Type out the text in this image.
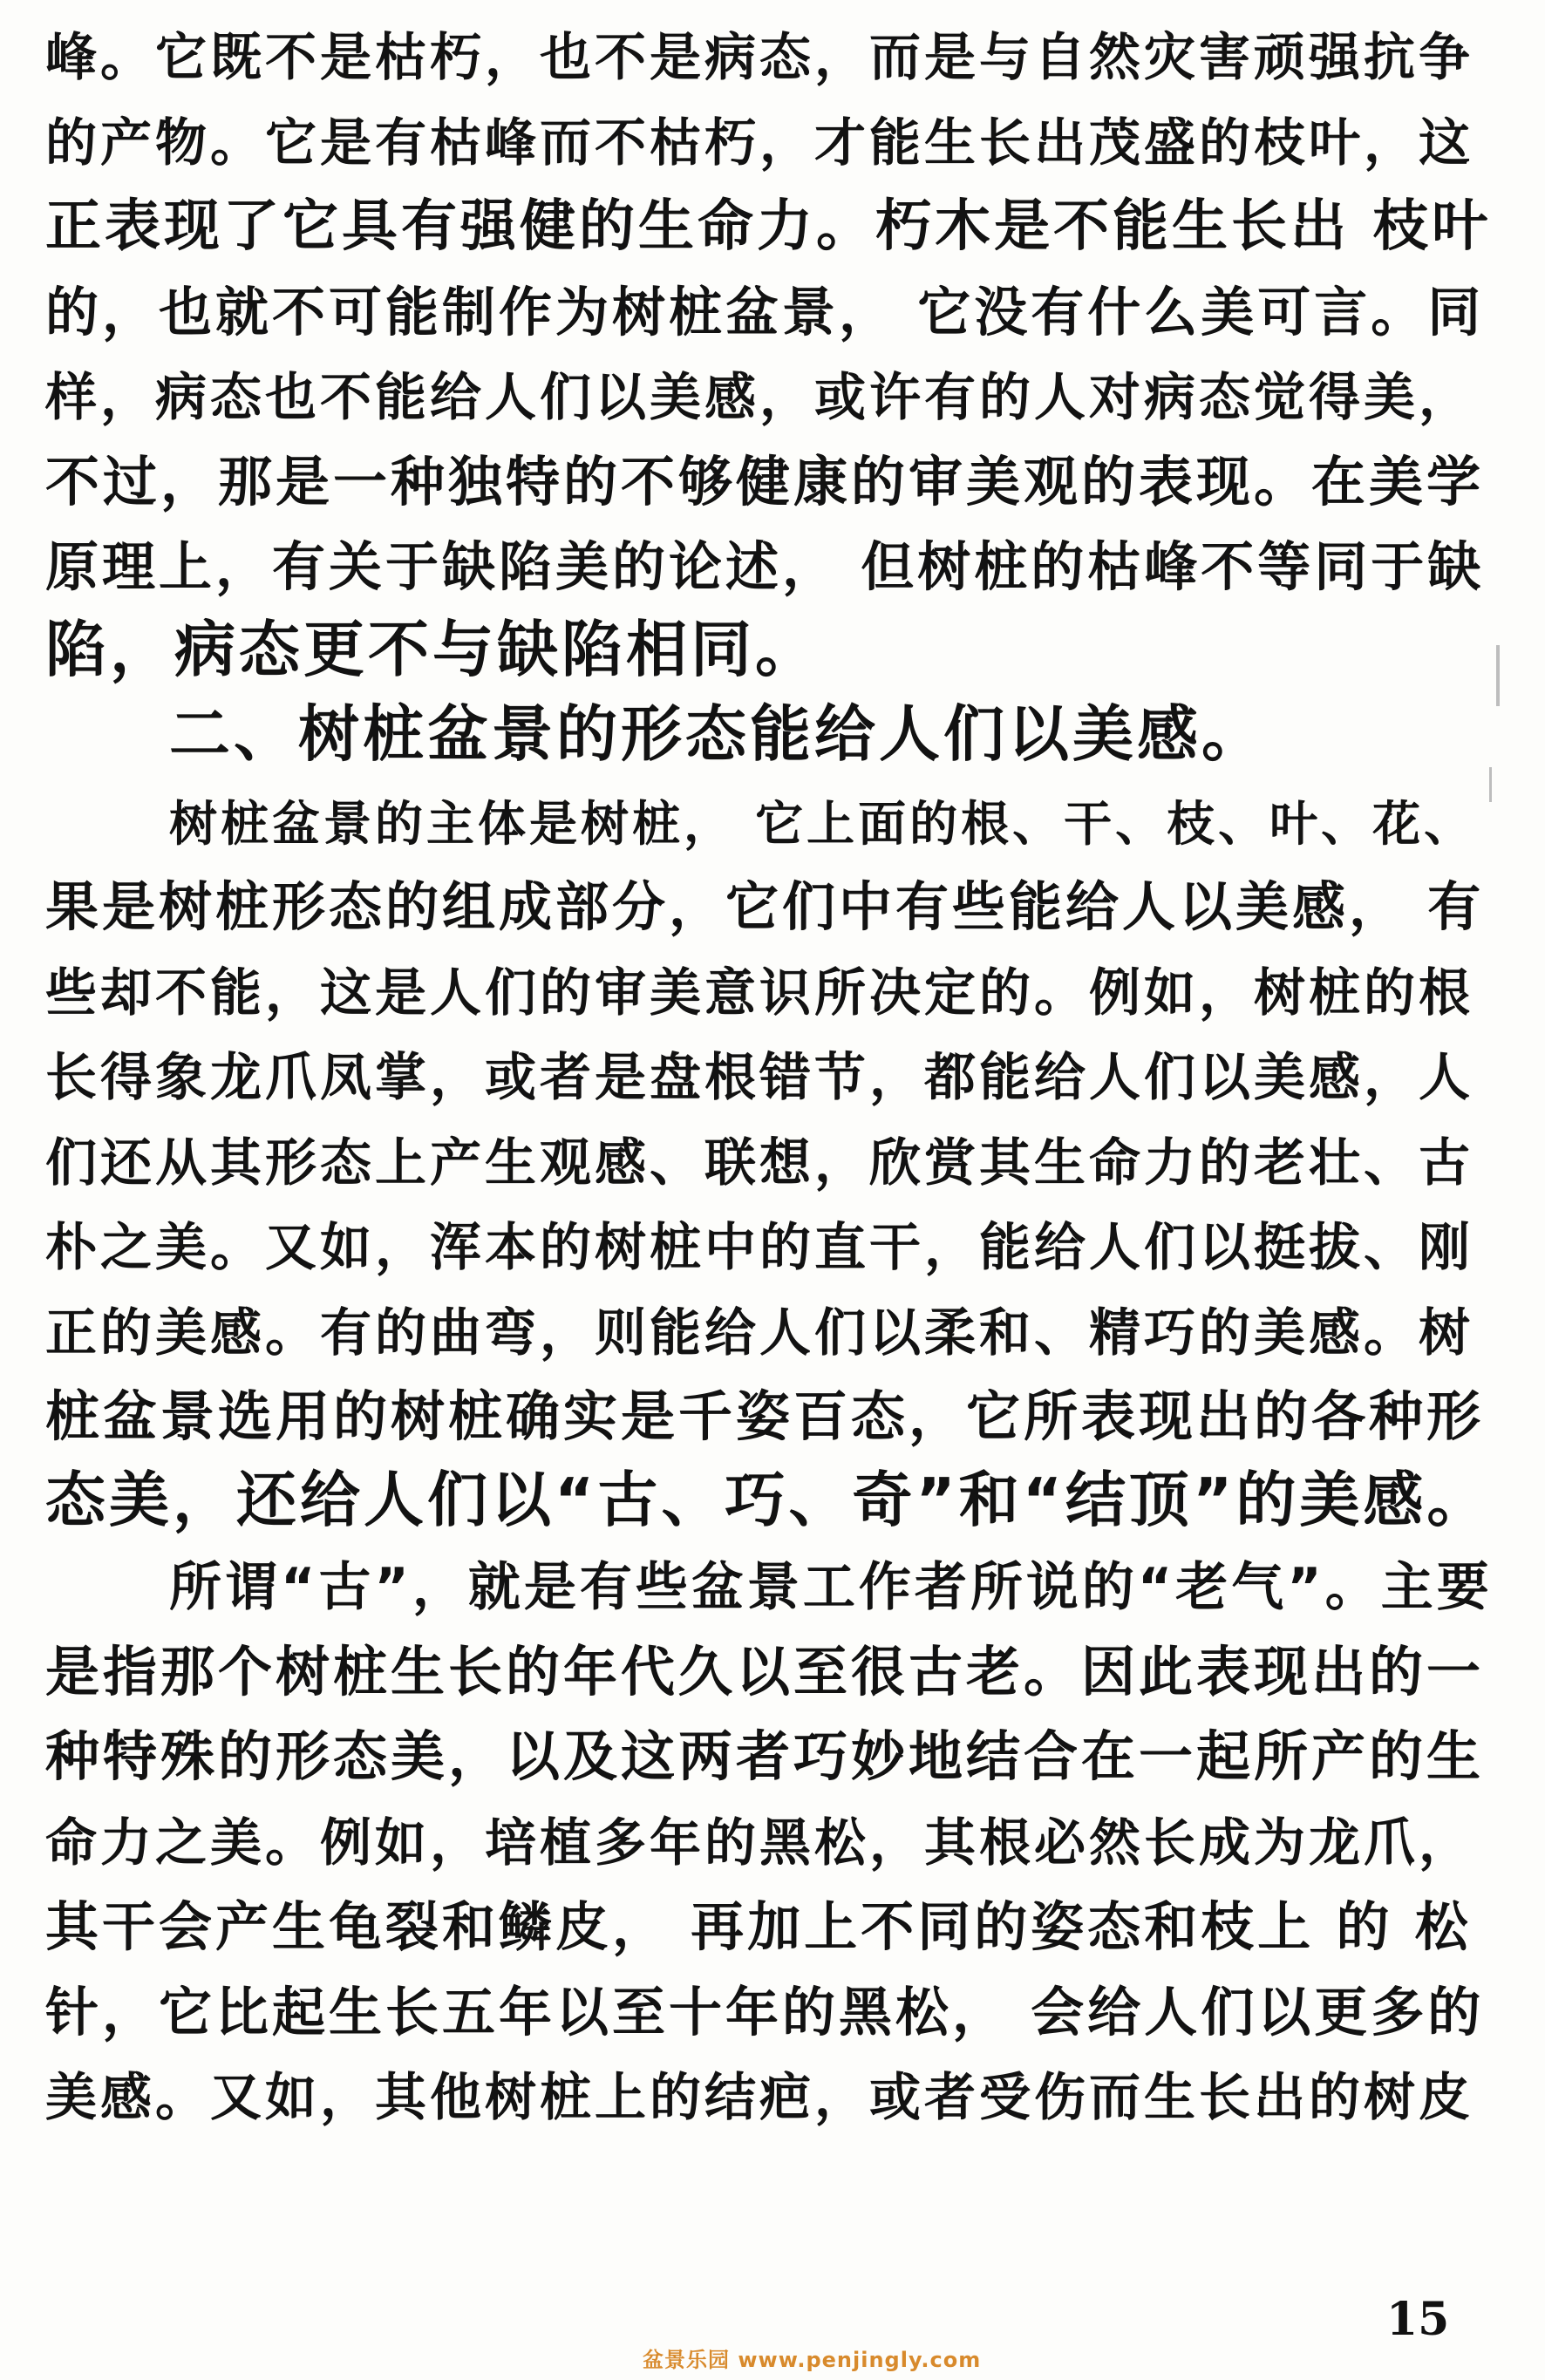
峰。它既不是枯朽，也不是病态，而是与自然灾害顽强抗争
的产物。它是有枯峰而不枯朽，才能生长出茂盛的枝叶，这
正表现了它具有强健的生命力。朽木是不能生长出 枝叶
的，也就不可能制作为树桩盆景， 它没有什么美可言。同
样，病态也不能给人们以美感，或许有的人对病态觉得美，
不过，那是一种独特的不够健康的审美观的表现。在美学
原理上，有关于缺陷美的论述， 但树桩的枯峰不等同于缺
陷，病态更不与缺陷相同。
二、树桩盆景的形态能给人们以美感。
树桩盆景的主体是树桩， 它上面的根、干、枝、叶、花、
果是树桩形态的组成部分，它们中有些能给人以美感， 有
些却不能，这是人们的审美意识所决定的。例如，树桩的根
长得象龙爪凤掌，或者是盘根错节，都能给人们以美感，人
们还从其形态上产生观感、联想，欣赏其生命力的老壮、古
朴之美。又如，浑本的树桩中的直干，能给人们以挺拔、刚
正的美感。有的曲弯，则能给人们以柔和、精巧的美感。树
桩盆景选用的树桩确实是千姿百态，它所表现出的各种形
态美，还给人们以“古、巧、奇”和“结顶”的美感。
所谓“古”，就是有些盆景工作者所说的“老气”。主要
是指那个树桩生长的年代久以至很古老。因此表现出的一
种特殊的形态美，以及这两者巧妙地结合在一起所产的生
命力之美。例如，培植多年的黑松，其根必然长成为龙爪，
其干会产生龟裂和鳞皮， 再加上不同的姿态和枝上 的 松
针，它比起生长五年以至十年的黑松， 会给人们以更多的
美感。又如，其他树桩上的结疤，或者受伤而生长出的树皮
盆景乐园 www.penjingly.com
15
